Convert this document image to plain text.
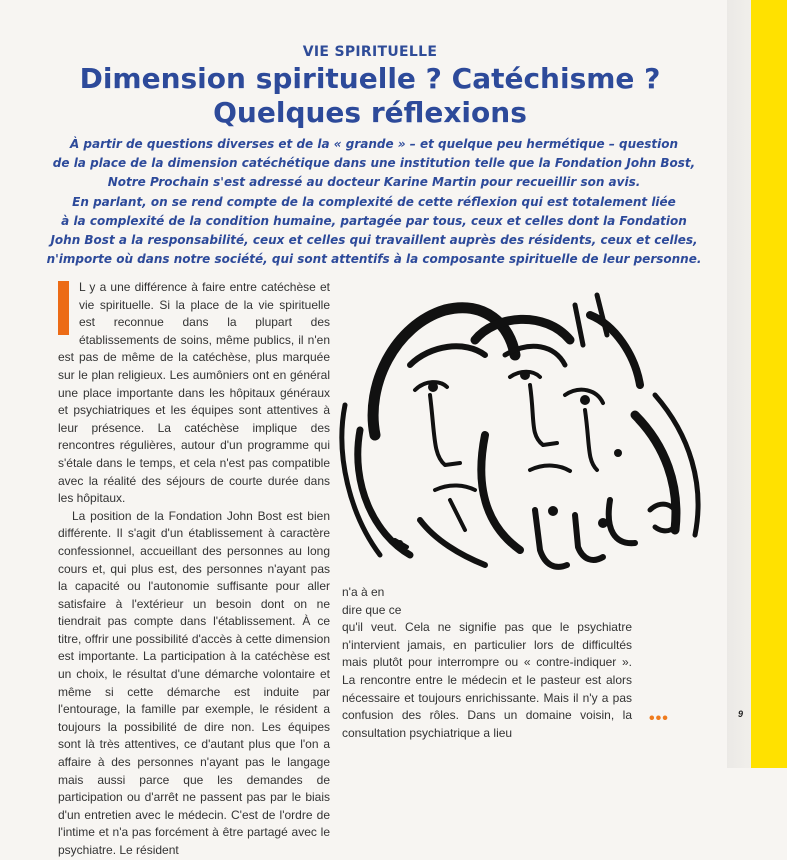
VIE SPIRITUELLE
Dimension spirituelle ? Catéchisme ?
Quelques réflexions
À partir de questions diverses et de la « grande » – et quelque peu hermétique – question
de la place de la dimension catéchétique dans une institution telle que la Fondation John Bost,
Notre Prochain s'est adressé au docteur Karine Martin pour recueillir son avis.
En parlant, on se rend compte de la complexité de cette réflexion qui est totalement liée
à la complexité de la condition humaine, partagée par tous, ceux et celles dont la Fondation
John Bost a la responsabilité, ceux et celles qui travaillent auprès des résidents, ceux et celles,
n'importe où dans notre société, qui sont attentifs à la composante spirituelle de leur personne.

L y a une différence à faire entre catéchèse et vie spirituelle. Si la place de la vie spirituelle est reconnue dans la plupart des établissements de soins, même publics, il n'en est pas de même de la catéchèse, plus marquée sur le plan religieux. Les aumôniers ont en général une place importante dans les hôpitaux généraux et psychiatriques et les équipes sont attentives à leur présence. La catéchèse implique des rencontres régulières, autour d'un programme qui s'étale dans le temps, et cela n'est pas compatible avec la réalité des séjours de courte durée dans les hôpitaux.

La position de la Fondation John Bost est bien différente. Il s'agit d'un établissement à caractère confessionnel, accueillant des personnes au long cours et, qui plus est, des personnes n'ayant pas la capacité ou l'autonomie suffisante pour aller satisfaire à l'extérieur un besoin dont on ne tiendrait pas compte dans l'établissement. À ce titre, offrir une possibilité d'accès à cette dimension est importante. La participation à la catéchèse est un choix, le résultat d'une démarche volontaire et même si cette démarche est induite par l'entourage, la famille par exemple, le résident a toujours la possibilité de dire non. Les équipes sont là très attentives, ce d'autant plus que l'on a affaire à des personnes n'ayant pas le langage mais aussi parce que les demandes de participation ou d'arrêt ne passent pas par le biais d'un entretien avec le médecin. C'est de l'ordre de l'intime et n'a pas forcément à être partagé avec le psychiatre. Le résident

n'a à en

dire que ce

qu'il veut. Cela ne signifie pas que le psychiatre n'intervient jamais, en particulier lors de difficultés mais plutôt pour interrompre ou « contre-indiquer ». La rencontre entre le médecin et le pasteur est alors nécessaire et toujours enrichissante. Mais il n'y a pas confusion des rôles. Dans un domaine voisin, la consultation psychiatrique a lieu

•••	9
